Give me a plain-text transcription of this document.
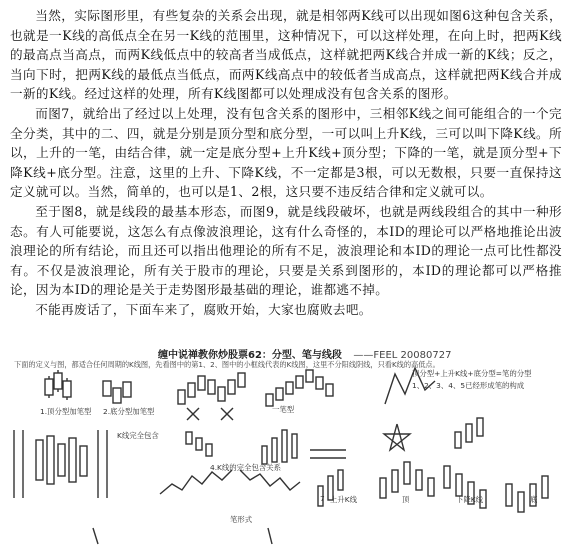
当然，实际图形里，有些复杂的关系会出现，就是相邻两K线可以出现如图6这种包含关系，也就是一K线的高低点全在另一K线的范围里，这种情况下，可以这样处理，在向上时，把两K线的最高点当高点，而两K线低点中的较高者当成低点，这样就把两K线合并成一新的K线；反之，当向下时，把两K线的最低点当低点，而两K线高点中的较低者当成高点，这样就把两K线合并成一新的K线。经过这样的处理，所有K线图都可以处理成没有包含关系的图形。

而图7，就给出了经过以上处理，没有包含关系的图形中，三相邻K线之间可能组合的一个完全分类，其中的二、四，就是分别是顶分型和底分型，一可以叫上升K线，三可以叫下降K线。所以，上升的一笔，由结合律，就一定是底分型+上升K线+顶分型；下降的一笔，就是顶分型+下降K线+底分型。注意，这里的上升、下降K线，不一定都是3根，可以无数根，只要一直保持这定义就可以。当然，简单的，也可以是1、2根，这只要不违反结合律和定义就可以。

至于图8，就是线段的最基本形态，而图9，就是线段破坏，也就是两线段组合的其中一种形态。有人可能要说，这怎么有点像波浪理论，这有什么奇怪的，本ID的理论可以严格地推论出波浪理论的所有结论，而且还可以指出他理论的所有不足，波浪理论和本ID的理论一点可比性都没有。不仅是波浪理论，所有关于股市的理论，只要是关系到图形的，本ID的理论都可以严格推论，因为本ID的理论是关于走势图形最基础的理论，谁都逃不掉。

不能再废话了，下面车来了，腐败开始，大家也腐败去吧。

缠中说禅教你炒股票62：分型、笔与线段 ——FEEL 20080727
下面的定义与图，都适合任何周期的K线图，先看图中的第1、2、图中的小框线代表的K线图，这里不分阳线阴线，只看K线的高低点。
1.顶分型加笔型 2.底分型加笔型
K线完全包含
一笔型
4.K线的完全包含关系
笔形式
顶分型+上升K线+底分型=笔的分型
1、2、3、4、5已经形成笔的构成
7 上升K线	顶	下降K线	底
